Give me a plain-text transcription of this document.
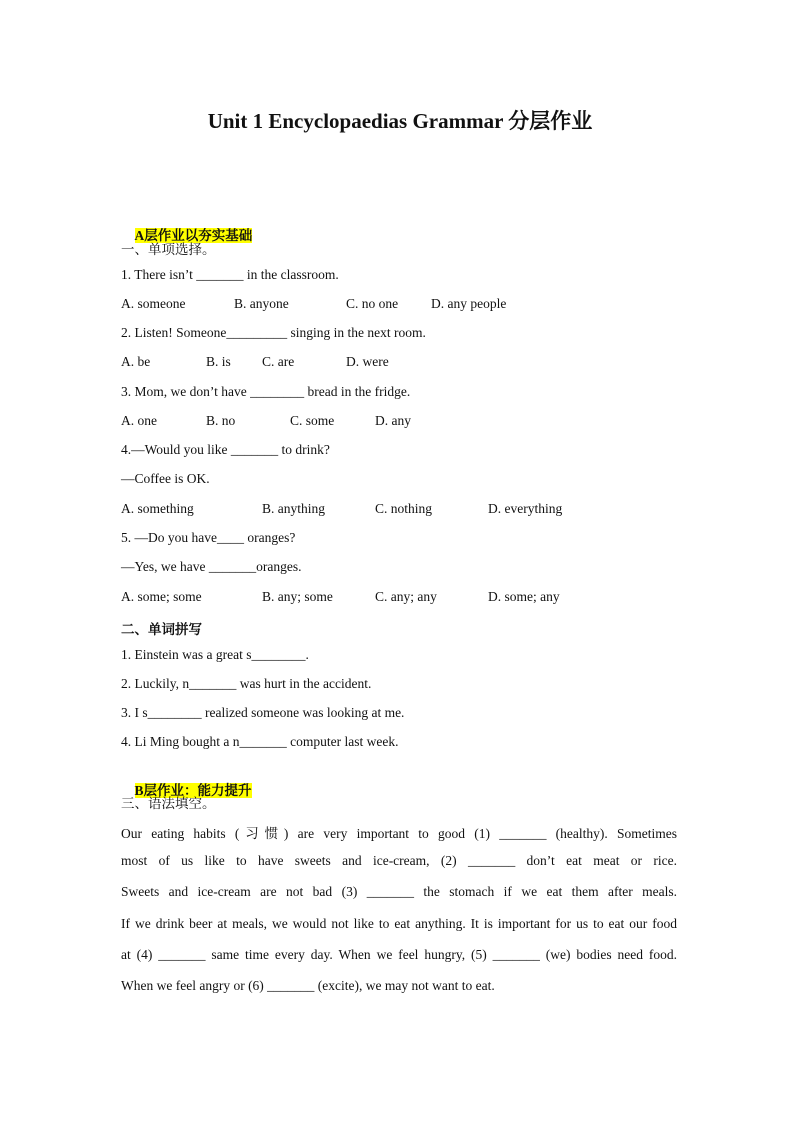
Unit 1 Encyclopaedias Grammar 分层作业

A层作业以夯实基础

一、单项选择。
1. There isn’t _______ in the classroom.

A. someone

	B. anyone

	C. no one

D. any people

2. Listen! Someone_________ singing in the next room.

A. be

	B. is

C. are

	D. were

3. Mom, we don’t have ________ bread in the fridge.

A. one

	B. no

	C. some

	D. any

4.—Would you like _______ to drink?
—Coffee is OK.

A. something

	B. anything

	C. nothing

	D. everything

5. —Do you have____ oranges?
—Yes, we have _______oranges.

A. some; some

	B. any; some

	C. any; any

	D. some; any

二、单词拼写
1. Einstein was a great s________.
2. Luckily, n_______ was hurt in the accident.
3. I s________ realized someone was looking at me.
4. Li Ming bought a n_______ computer last week.

B层作业：能力提升

三、语法填空。
Our eating habits (习惯) are very important to good (1) _______ (healthy). Sometimes
most of us like to have sweets and ice-cream, (2) _______ don’t eat meat or rice.
Sweets and ice-cream are not bad (3) _______ the stomach if we eat them after meals.
If we drink beer at meals, we would not like to eat anything. It is important for us to eat our food
at (4) _______ same time every day. When we feel hungry, (5) _______ (we) bodies need food.
When we feel angry or (6) _______ (excite), we may not want to eat.
